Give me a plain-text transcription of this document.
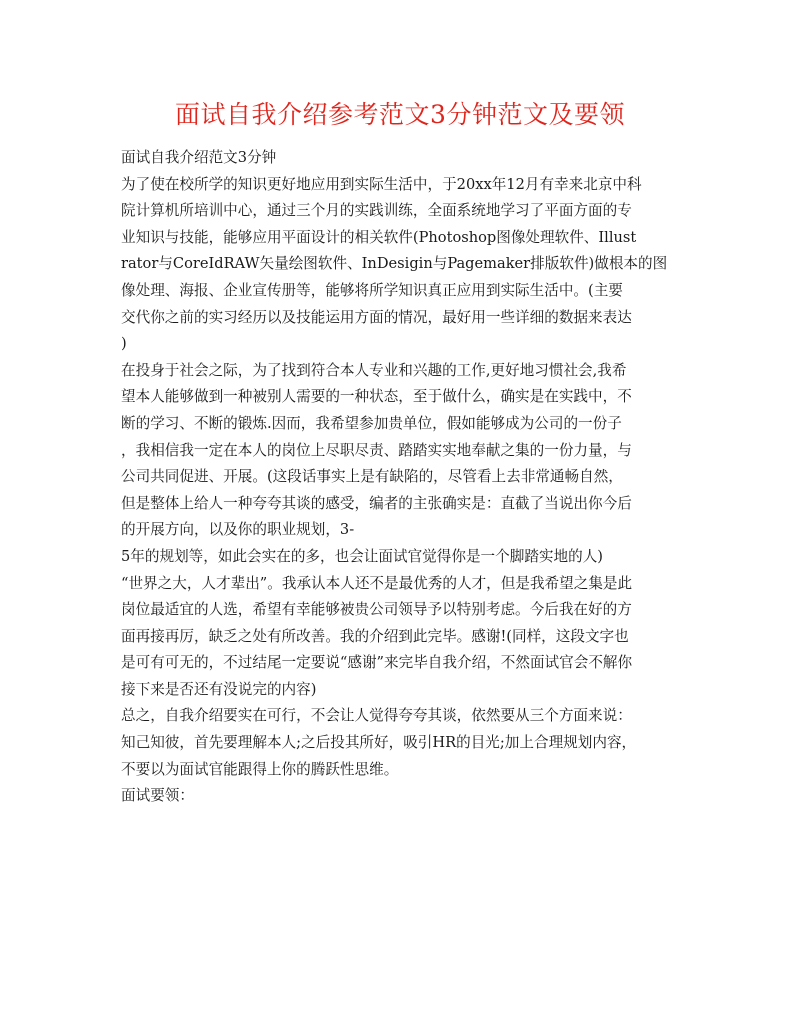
面试自我介绍参考范文3分钟范文及要领
面试自我介绍范文3分钟
为了使在校所学的知识更好地应用到实际生活中，于20xx年12月有幸来北京中科
院计算机所培训中心，通过三个月的实践训练，全面系统地学习了平面方面的专
业知识与技能，能够应用平面设计的相关软件(Photoshop图像处理软件、Illust
rator与CoreIdRAW矢量绘图软件、InDesigin与Pagemaker排版软件)做根本的图
像处理、海报、企业宣传册等，能够将所学知识真正应用到实际生活中。(主要
交代你之前的实习经历以及技能运用方面的情况，最好用一些详细的数据来表达
)
在投身于社会之际，为了找到符合本人专业和兴趣的工作,更好地习惯社会,我希
望本人能够做到一种被别人需要的一种状态，至于做什么，确实是在实践中，不
断的学习、不断的锻炼.因而，我希望参加贵单位，假如能够成为公司的一份子
，我相信我一定在本人的岗位上尽职尽责、踏踏实实地奉献之集的一份力量，与
公司共同促进、开展。(这段话事实上是有缺陷的，尽管看上去非常通畅自然，
但是整体上给人一种夸夸其谈的感受，编者的主张确实是：直截了当说出你今后
的开展方向，以及你的职业规划，3-
5年的规划等，如此会实在的多，也会让面试官觉得你是一个脚踏实地的人)
“世界之大，人才辈出”。我承认本人还不是最优秀的人才，但是我希望之集是此
岗位最适宜的人选，希望有幸能够被贵公司领导予以特别考虑。今后我在好的方
面再接再厉，缺乏之处有所改善。我的介绍到此完毕。感谢!(同样，这段文字也
是可有可无的，不过结尾一定要说“感谢”来完毕自我介绍，不然面试官会不解你
接下来是否还有没说完的内容)
总之，自我介绍要实在可行，不会让人觉得夸夸其谈，依然要从三个方面来说：
知己知彼，首先要理解本人;之后投其所好，吸引HR的目光;加上合理规划内容，
不要以为面试官能跟得上你的腾跃性思维。
面试要领：
